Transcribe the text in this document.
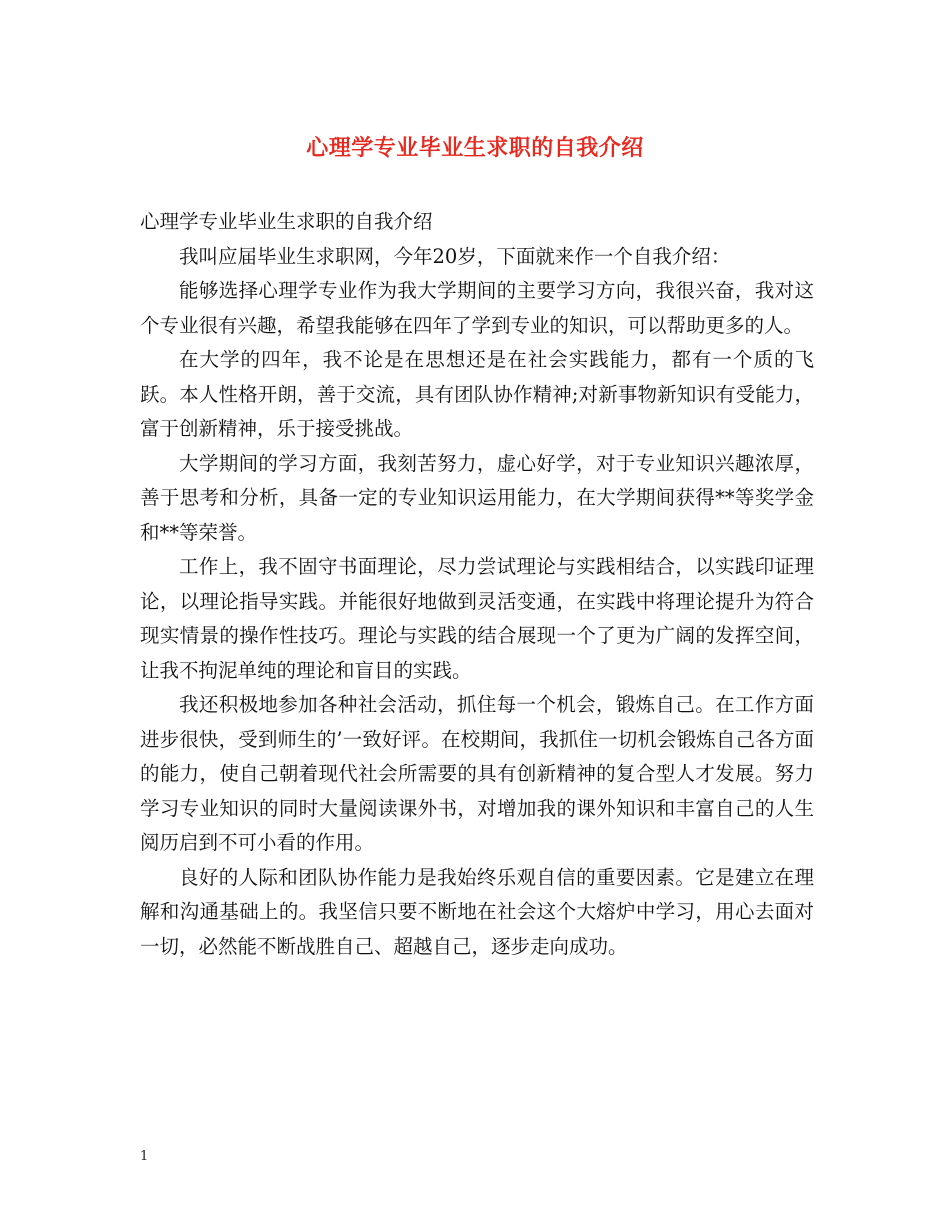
心理学专业毕业生求职的自我介绍

心理学专业毕业生求职的自我介绍

我叫应届毕业生求职网，今年20岁，下面就来作一个自我介绍：

能够选择心理学专业作为我大学期间的主要学习方向，我很兴奋，我对这个专业很有兴趣，希望我能够在四年了学到专业的知识，可以帮助更多的人。

在大学的四年，我不论是在思想还是在社会实践能力，都有一个质的飞跃。本人性格开朗，善于交流，具有团队协作精神;对新事物新知识有受能力，富于创新精神，乐于接受挑战。

大学期间的学习方面，我刻苦努力，虚心好学，对于专业知识兴趣浓厚，善于思考和分析，具备一定的专业知识运用能力，在大学期间获得**等奖学金和**等荣誉。

工作上，我不固守书面理论，尽力尝试理论与实践相结合，以实践印证理论，以理论指导实践。并能很好地做到灵活变通，在实践中将理论提升为符合现实情景的操作性技巧。理论与实践的结合展现一个了更为广阔的发挥空间，让我不拘泥单纯的理论和盲目的实践。

我还积极地参加各种社会活动，抓住每一个机会，锻炼自己。在工作方面进步很快，受到师生的’一致好评。在校期间，我抓住一切机会锻炼自己各方面的能力，使自己朝着现代社会所需要的具有创新精神的复合型人才发展。努力学习专业知识的同时大量阅读课外书，对增加我的课外知识和丰富自己的人生阅历启到不可小看的作用。

良好的人际和团队协作能力是我始终乐观自信的重要因素。它是建立在理解和沟通基础上的。我坚信只要不断地在社会这个大熔炉中学习，用心去面对一切，必然能不断战胜自己、超越自己，逐步走向成功。

1
